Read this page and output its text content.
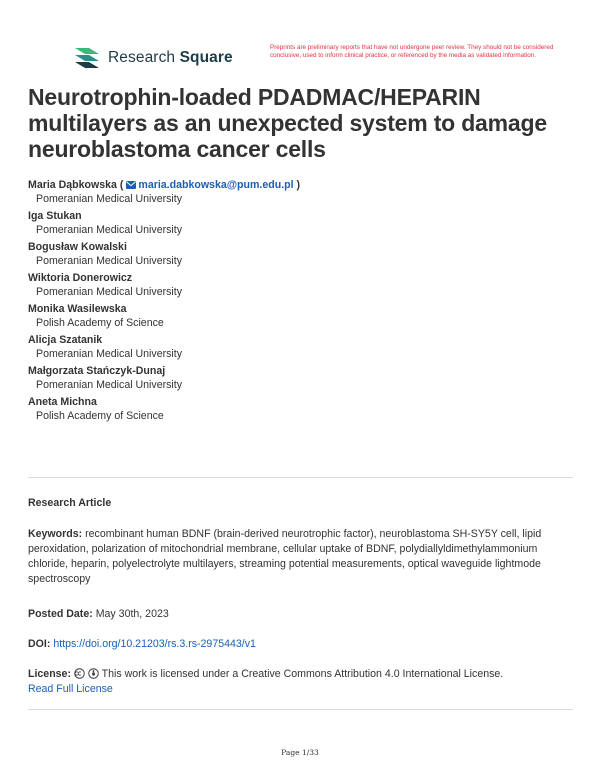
Research Square
Preprints are preliminary reports that have not undergone peer review. They should not be considered conclusive, used to inform clinical practice, or referenced by the media as validated information.
Neurotrophin-loaded PDADMAC/HEPARIN multilayers as an unexpected system to damage neuroblastoma cancer cells
Maria Dąbkowska ( maria.dabkowska@pum.edu.pl )
Pomeranian Medical University
Iga Stukan
Pomeranian Medical University
Bogusław Kowalski
Pomeranian Medical University
Wiktoria Donerowicz
Pomeranian Medical University
Monika Wasilewska
Polish Academy of Science
Alicja Szatanik
Pomeranian Medical University
Małgorzata Stańczyk-Dunaj
Pomeranian Medical University
Aneta Michna
Polish Academy of Science
Research Article
Keywords: recombinant human BDNF (brain-derived neurotrophic factor), neuroblastoma SH-SY5Y cell, lipid peroxidation, polarization of mitochondrial membrane, cellular uptake of BDNF, polydiallyldimethylammonium chloride, heparin, polyelectrolyte multilayers, streaming potential measurements, optical waveguide lightmode spectroscopy
Posted Date: May 30th, 2023
DOI: https://doi.org/10.21203/rs.3.rs-2975443/v1
License:	This work is licensed under a Creative Commons Attribution 4.0 International License.
Read Full License
Page 1/33
